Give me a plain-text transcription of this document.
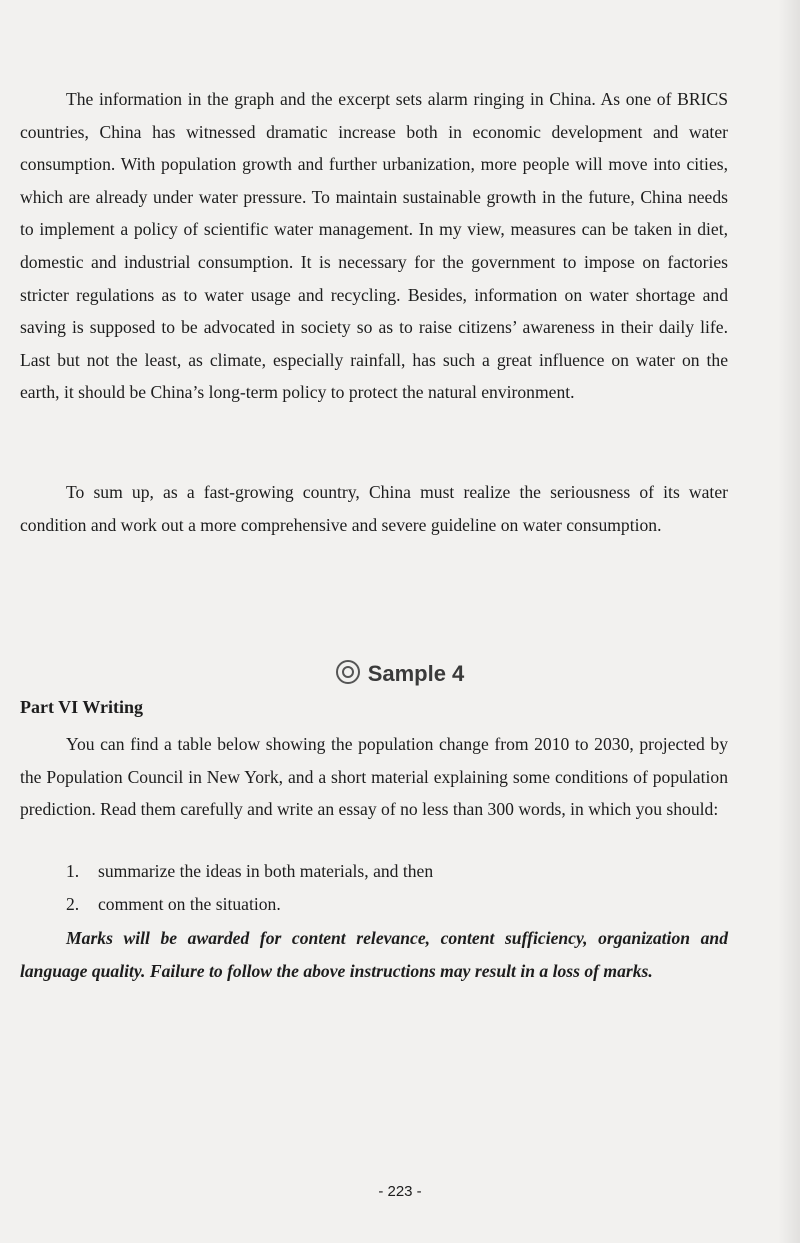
The information in the graph and the excerpt sets alarm ringing in China. As one of BRICS countries, China has witnessed dramatic increase both in economic development and water consumption. With population growth and further urbanization, more people will move into cities, which are already under water pressure. To maintain sustainable growth in the future, China needs to implement a policy of scientific water management. In my view, measures can be taken in diet, domestic and industrial consumption. It is necessary for the government to impose on factories stricter regulations as to water usage and recycling. Besides, information on water shortage and saving is supposed to be advocated in society so as to raise citizens’ awareness in their daily life. Last but not the least, as climate, especially rainfall, has such a great influence on water on the earth, it should be China’s long-term policy to protect the natural environment.

To sum up, as a fast-growing country, China must realize the seriousness of its water condition and work out a more comprehensive and severe guideline on water consumption.

Sample 4

Part VI Writing

You can find a table below showing the population change from 2010 to 2030, projected by the Population Council in New York, and a short material explaining some conditions of population prediction. Read them carefully and write an essay of no less than 300 words, in which you should:

1. summarize the ideas in both materials, and then

2. comment on the situation.

Marks will be awarded for content relevance, content sufficiency, organization and language quality. Failure to follow the above instructions may result in a loss of marks.

- 223 -
